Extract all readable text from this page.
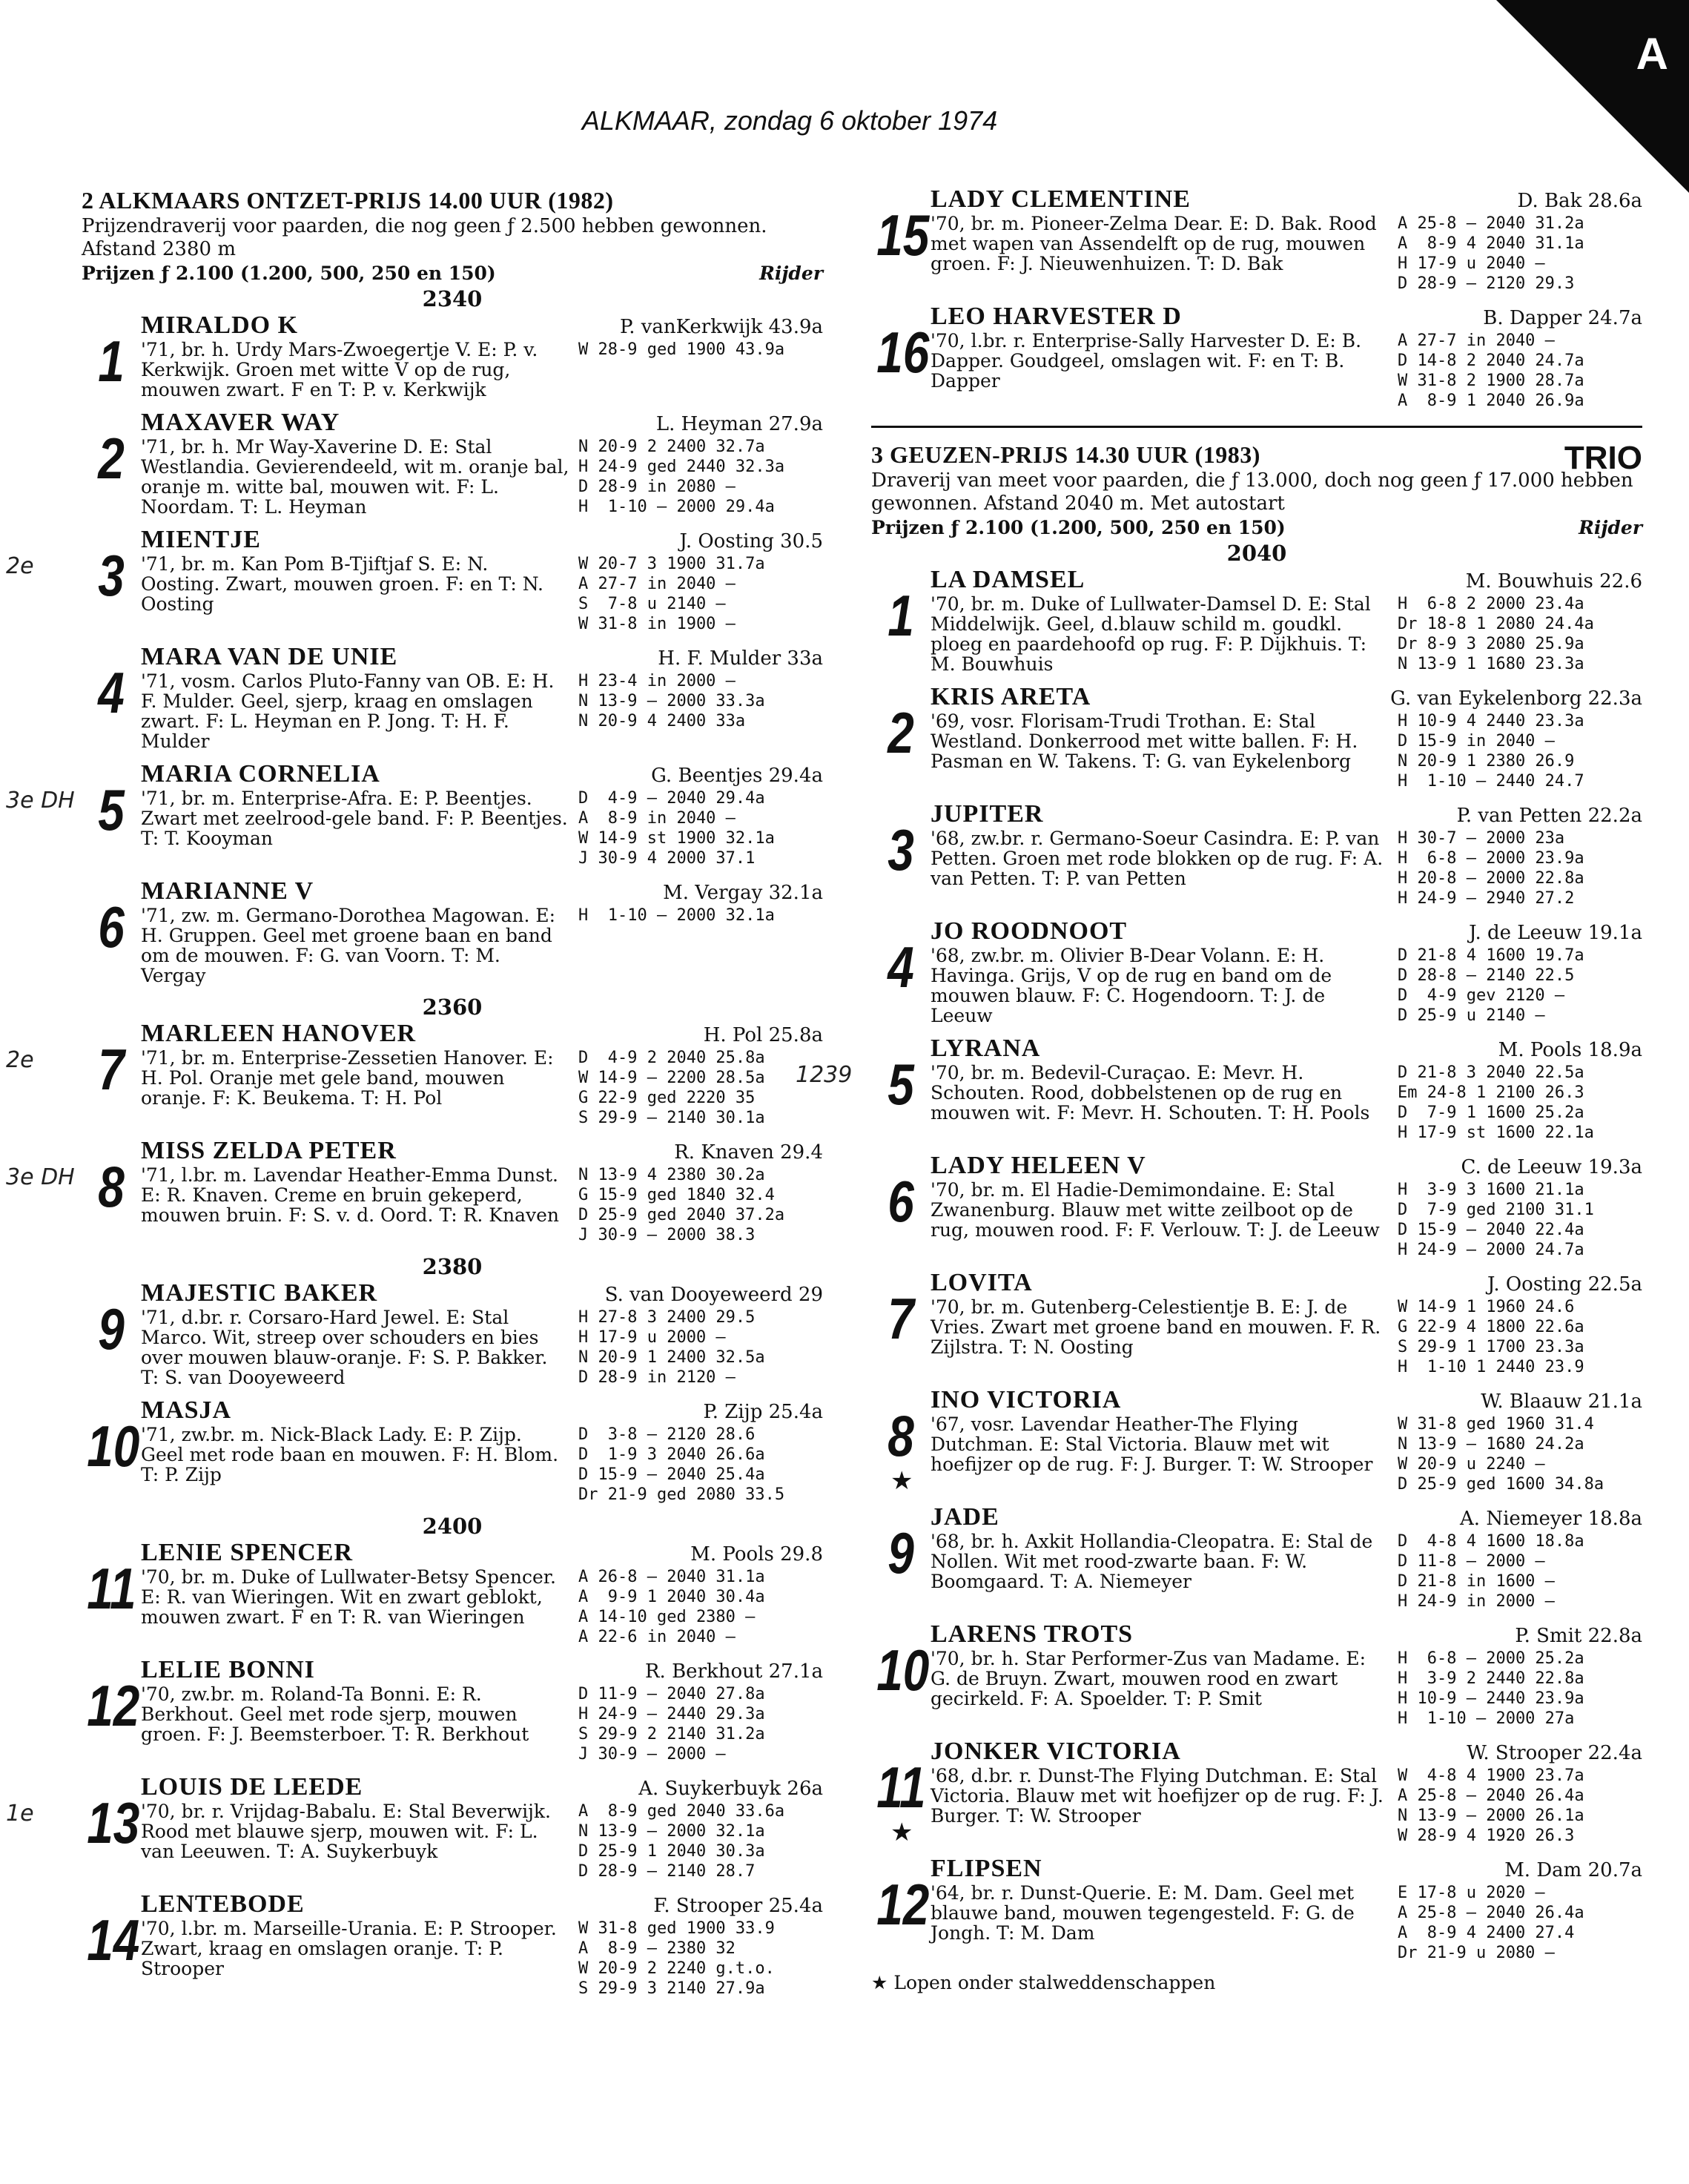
A
ALKMAAR, zondag 6 oktober 1974
2 ALKMAARS ONTZET-PRIJS 14.00 UUR (1982)
Prijzendraverij voor paarden, die nog geen ƒ 2.500 hebben gewonnen. Afstand 2380 m
Prijzen ƒ 2.100 (1.200, 500, 250 en 150)	Rijder
2340
1
MIRALDO K	P. vanKerkwijk 43.9a
'71, br. h. Urdy Mars-Zwoegertje V. E: P. v. Kerkwijk. Groen met witte V op de rug, mouwen zwart. F en T: P. v. Kerkwijk
W 28-9 ged 1900 43.9a
2
MAXAVER WAY	L. Heyman 27.9a
'71, br. h. Mr Way-Xaverine D. E: Stal Westlandia. Gevierendeeld, wit m. oranje bal, oranje m. witte bal, mouwen wit. F: L. Noordam. T: L. Heyman
N 20-9 2 2400 32.7a
H 24-9 ged 2440 32.3a
D 28-9 in 2080 —
H  1-10 — 2000 29.4a
3
2e
MIENTJE	J. Oosting 30.5
'71, br. m. Kan Pom B-Tjiftjaf S. E: N. Oosting. Zwart, mouwen groen. F: en T: N. Oosting
W 20-7 3 1900 31.7a
A 27-7 in 2040 —
S  7-8 u 2140 —
W 31-8 in 1900 —
4
MARA VAN DE UNIE	H. F. Mulder 33a
'71, vosm. Carlos Pluto-Fanny van OB. E: H. F. Mulder. Geel, sjerp, kraag en omslagen zwart. F: L. Heyman en P. Jong. T: H. F. Mulder
H 23-4 in 2000 —
N 13-9 — 2000 33.3a
N 20-9 4 2400 33a
5
3e DH
MARIA CORNELIA	G. Beentjes 29.4a
'71, br. m. Enterprise-Afra. E: P. Beentjes. Zwart met zeelrood-gele band. F: P. Beentjes. T: T. Kooyman
D  4-9 — 2040 29.4a
A  8-9 in 2040 —
W 14-9 st 1900 32.1a
J 30-9 4 2000 37.1
6
MARIANNE V	M. Vergay 32.1a
'71, zw. m. Germano-Dorothea Magowan. E: H. Gruppen. Geel met groene baan en band om de mouwen. F: G. van Voorn. T: M. Vergay
H  1-10 — 2000 32.1a
2360
7
2e
MARLEEN HANOVER	H. Pol 25.8a
'71, br. m. Enterprise-Zessetien Hanover. E: H. Pol. Oranje met gele band, mouwen oranje. F: K. Beukema. T: H. Pol
D  4-9 2 2040 25.8a
W 14-9 — 2200 28.5a
G 22-9 ged 2220 35
S 29-9 — 2140 30.1a
8
3e DH
MISS ZELDA PETER	R. Knaven 29.4
'71, l.br. m. Lavendar Heather-Emma Dunst. E: R. Knaven. Creme en bruin gekeperd, mouwen bruin. F: S. v. d. Oord. T: R. Knaven
N 13-9 4 2380 30.2a
G 15-9 ged 1840 32.4
D 25-9 ged 2040 37.2a
J 30-9 — 2000 38.3
2380
9
MAJESTIC BAKER	S. van Dooyeweerd 29
'71, d.br. r. Corsaro-Hard Jewel. E: Stal Marco. Wit, streep over schouders en bies over mouwen blauw-oranje. F: S. P. Bakker. T: S. van Dooyeweerd
H 27-8 3 2400 29.5
H 17-9 u 2000 —
N 20-9 1 2400 32.5a
D 28-9 in 2120 —
10
MASJA	P. Zijp 25.4a
'71, zw.br. m. Nick-Black Lady. E: P. Zijp. Geel met rode baan en mouwen. F: H. Blom. T: P. Zijp
D  3-8 — 2120 28.6
D  1-9 3 2040 26.6a
D 15-9 — 2040 25.4a
Dr 21-9 ged 2080 33.5
2400
11
LENIE SPENCER	M. Pools 29.8
'70, br. m. Duke of Lullwater-Betsy Spencer. E: R. van Wieringen. Wit en zwart geblokt, mouwen zwart. F en T: R. van Wieringen
A 26-8 — 2040 31.1a
A  9-9 1 2040 30.4a
A 14-10 ged 2380 —
A 22-6 in 2040 —
12
LELIE BONNI	R. Berkhout 27.1a
'70, zw.br. m. Roland-Ta Bonni. E: R. Berkhout. Geel met rode sjerp, mouwen groen. F: J. Beemsterboer. T: R. Berkhout
D 11-9 — 2040 27.8a
H 24-9 — 2440 29.3a
S 29-9 2 2140 31.2a
J 30-9 — 2000 —
13
1e
LOUIS DE LEEDE	A. Suykerbuyk 26a
'70, br. r. Vrijdag-Babalu. E: Stal Beverwijk. Rood met blauwe sjerp, mouwen wit. F: L. van Leeuwen. T: A. Suykerbuyk
A  8-9 ged 2040 33.6a
N 13-9 — 2000 32.1a
D 25-9 1 2040 30.3a
D 28-9 — 2140 28.7
14
LENTEBODE	F. Strooper 25.4a
'70, l.br. m. Marseille-Urania. E: P. Strooper. Zwart, kraag en omslagen oranje. T: P. Strooper
W 31-8 ged 1900 33.9
A  8-9 — 2380 32
W 20-9 2 2240 g.t.o.
S 29-9 3 2140 27.9a
15
LADY CLEMENTINE	D. Bak 28.6a
'70, br. m. Pioneer-Zelma Dear. E: D. Bak. Rood met wapen van Assendelft op de rug, mouwen groen. F: J. Nieuwenhuizen. T: D. Bak
A 25-8 — 2040 31.2a
A  8-9 4 2040 31.1a
H 17-9 u 2040 —
D 28-9 — 2120 29.3
16
LEO HARVESTER D	B. Dapper 24.7a
'70, l.br. r. Enterprise-Sally Harvester D. E: B. Dapper. Goudgeel, omslagen wit. F: en T: B. Dapper
A 27-7 in 2040 —
D 14-8 2 2040 24.7a
W 31-8 2 1900 28.7a
A  8-9 1 2040 26.9a
3 GEUZEN-PRIJS 14.30 UUR (1983)	TRIO
Draverij van meet voor paarden, die ƒ 13.000, doch nog geen ƒ 17.000 hebben gewonnen. Afstand 2040 m. Met autostart
Prijzen ƒ 2.100 (1.200, 500, 250 en 150)	Rijder
2040
1
LA DAMSEL	M. Bouwhuis 22.6
'70, br. m. Duke of Lullwater-Damsel D. E: Stal Middelwijk. Geel, d.blauw schild m. goudkl. ploeg en paardehoofd op rug. F: P. Dijkhuis. T: M. Bouwhuis
H  6-8 2 2000 23.4a
Dr 18-8 1 2080 24.4a
Dr 8-9 3 2080 25.9a
N 13-9 1 1680 23.3a
2
KRIS ARETA	G. van Eykelenborg 22.3a
'69, vosr. Florisam-Trudi Trothan. E: Stal Westland. Donkerrood met witte ballen. F: H. Pasman en W. Takens. T: G. van Eykelenborg
H 10-9 4 2440 23.3a
D 15-9 in 2040 —
N 20-9 1 2380 26.9
H  1-10 — 2440 24.7
3
JUPITER	P. van Petten 22.2a
'68, zw.br. r. Germano-Soeur Casindra. E: P. van Petten. Groen met rode blokken op de rug. F: A. van Petten. T: P. van Petten
H 30-7 — 2000 23a
H  6-8 — 2000 23.9a
H 20-8 — 2000 22.8a
H 24-9 — 2940 27.2
4
JO ROODNOOT	J. de Leeuw 19.1a
'68, zw.br. m. Olivier B-Dear Volann. E: H. Havinga. Grijs, V op de rug en band om de mouwen blauw. F: C. Hogendoorn. T: J. de Leeuw
D 21-8 4 1600 19.7a
D 28-8 — 2140 22.5
D  4-9 gev 2120 —
D 25-9 u 2140 —
5
1239
LYRANA	M. Pools 18.9a
'70, br. m. Bedevil-Curaçao. E: Mevr. H. Schouten. Rood, dobbelstenen op de rug en mouwen wit. F: Mevr. H. Schouten. T: H. Pools
D 21-8 3 2040 22.5a
Em 24-8 1 2100 26.3
D  7-9 1 1600 25.2a
H 17-9 st 1600 22.1a
6
LADY HELEEN V	C. de Leeuw 19.3a
'70, br. m. El Hadie-Demimondaine. E: Stal Zwanenburg. Blauw met witte zeilboot op de rug, mouwen rood. F: F. Verlouw. T: J. de Leeuw
H  3-9 3 1600 21.1a
D  7-9 ged 2100 31.1
D 15-9 — 2040 22.4a
H 24-9 — 2000 24.7a
7
LOVITA	J. Oosting 22.5a
'70, br. m. Gutenberg-Celestientje B. E: J. de Vries. Zwart met groene band en mouwen. F. R. Zijlstra. T: N. Oosting
W 14-9 1 1960 24.6
G 22-9 4 1800 22.6a
S 29-9 1 1700 23.3a
H  1-10 1 2440 23.9
8
★
INO VICTORIA	W. Blaauw 21.1a
'67, vosr. Lavendar Heather-The Flying Dutchman. E: Stal Victoria. Blauw met wit hoefijzer op de rug. F: J. Burger. T: W. Strooper
W 31-8 ged 1960 31.4
N 13-9 — 1680 24.2a
W 20-9 u 2240 —
D 25-9 ged 1600 34.8a
9
JADE	A. Niemeyer 18.8a
'68, br. h. Axkit Hollandia-Cleopatra. E: Stal de Nollen. Wit met rood-zwarte baan. F: W. Boomgaard. T: A. Niemeyer
D  4-8 4 1600 18.8a
D 11-8 — 2000 —
D 21-8 in 1600 —
H 24-9 in 2000 —
10
LARENS TROTS	P. Smit 22.8a
'70, br. h. Star Performer-Zus van Madame. E: G. de Bruyn. Zwart, mouwen rood en zwart gecirkeld. F: A. Spoelder. T: P. Smit
H  6-8 — 2000 25.2a
H  3-9 2 2440 22.8a
H 10-9 — 2440 23.9a
H  1-10 — 2000 27a
11
★
JONKER VICTORIA	W. Strooper 22.4a
'68, d.br. r. Dunst-The Flying Dutchman. E: Stal Victoria. Blauw met wit hoefijzer op de rug. F: J. Burger. T: W. Strooper
W  4-8 4 1900 23.7a
A 25-8 — 2040 26.4a
N 13-9 — 2000 26.1a
W 28-9 4 1920 26.3
12
FLIPSEN	M. Dam 20.7a
'64, br. r. Dunst-Querie. E: M. Dam. Geel met blauwe band, mouwen tegengesteld. F: G. de Jongh. T: M. Dam
E 17-8 u 2020 —
A 25-8 — 2040 26.4a
A  8-9 4 2400 27.4
Dr 21-9 u 2080 —
★ Lopen onder stalweddenschappen
